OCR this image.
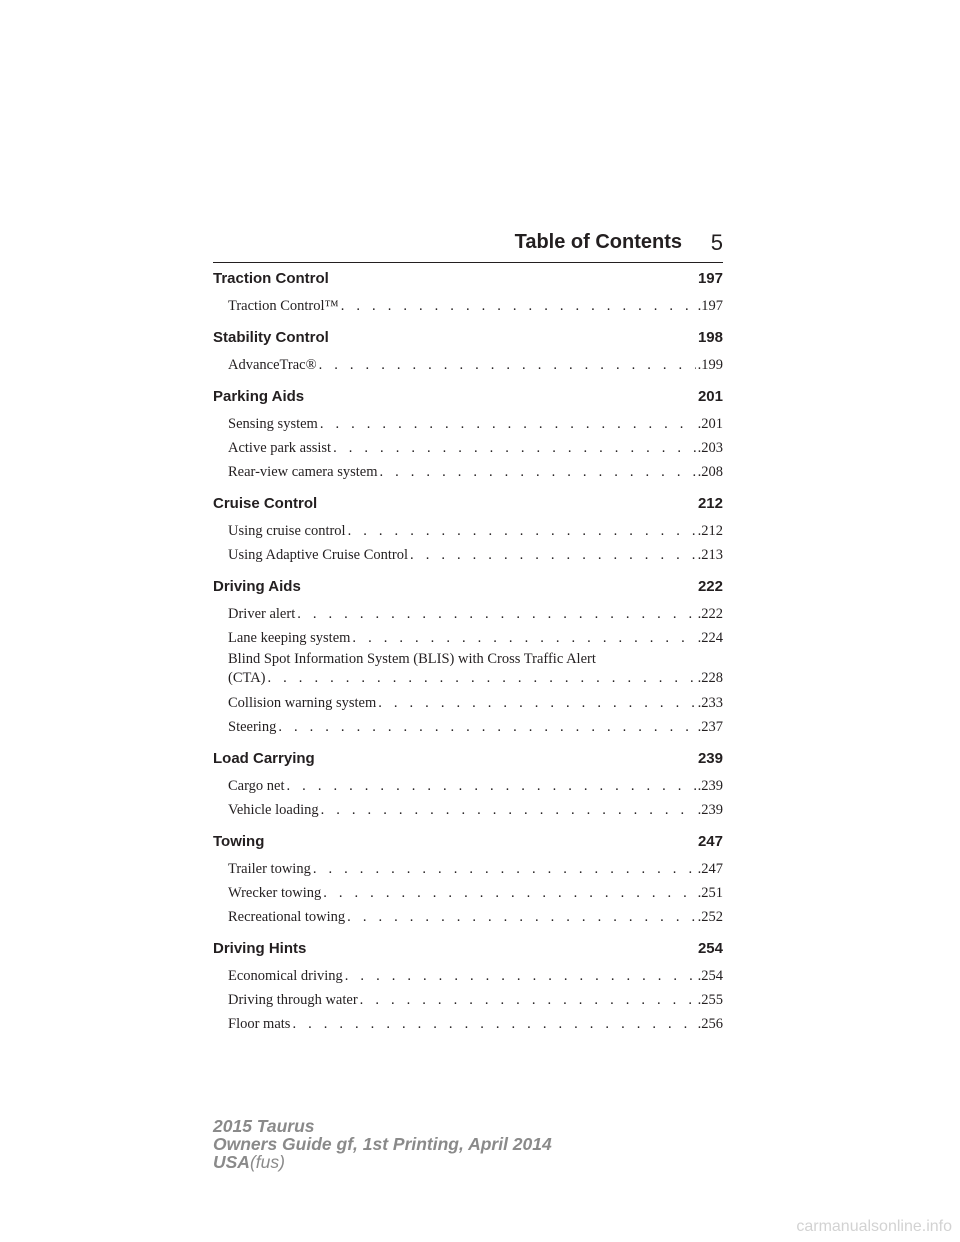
Table of Contents 5
Traction Control	197
Traction Control™ . . .	.197
Stability Control	198
AdvanceTrac® . . .	.199
Parking Aids	201
Sensing system . . .	.201
Active park assist . . .	.203
Rear-view camera system . . .	.208
Cruise Control	212
Using cruise control . . .	.212
Using Adaptive Cruise Control . . .	.213
Driving Aids	222
Driver alert . . .	.222
Lane keeping system . . .	.224
Blind Spot Information System (BLIS) with Cross Traffic Alert
(CTA) . . .	.228
Collision warning system . . .	.233
Steering . . .	.237
Load Carrying	239
Cargo net . . .	.239
Vehicle loading . . .	.239
Towing	247
Trailer towing . . .	.247
Wrecker towing . . .	.251
Recreational towing . . .	.252
Driving Hints	254
Economical driving . . .	.254
Driving through water . . .	.255
Floor mats . . .	.256
2015 Taurus
Owners Guide gf, 1st Printing, April 2014
USA(fus)
carmanualsonline.info
